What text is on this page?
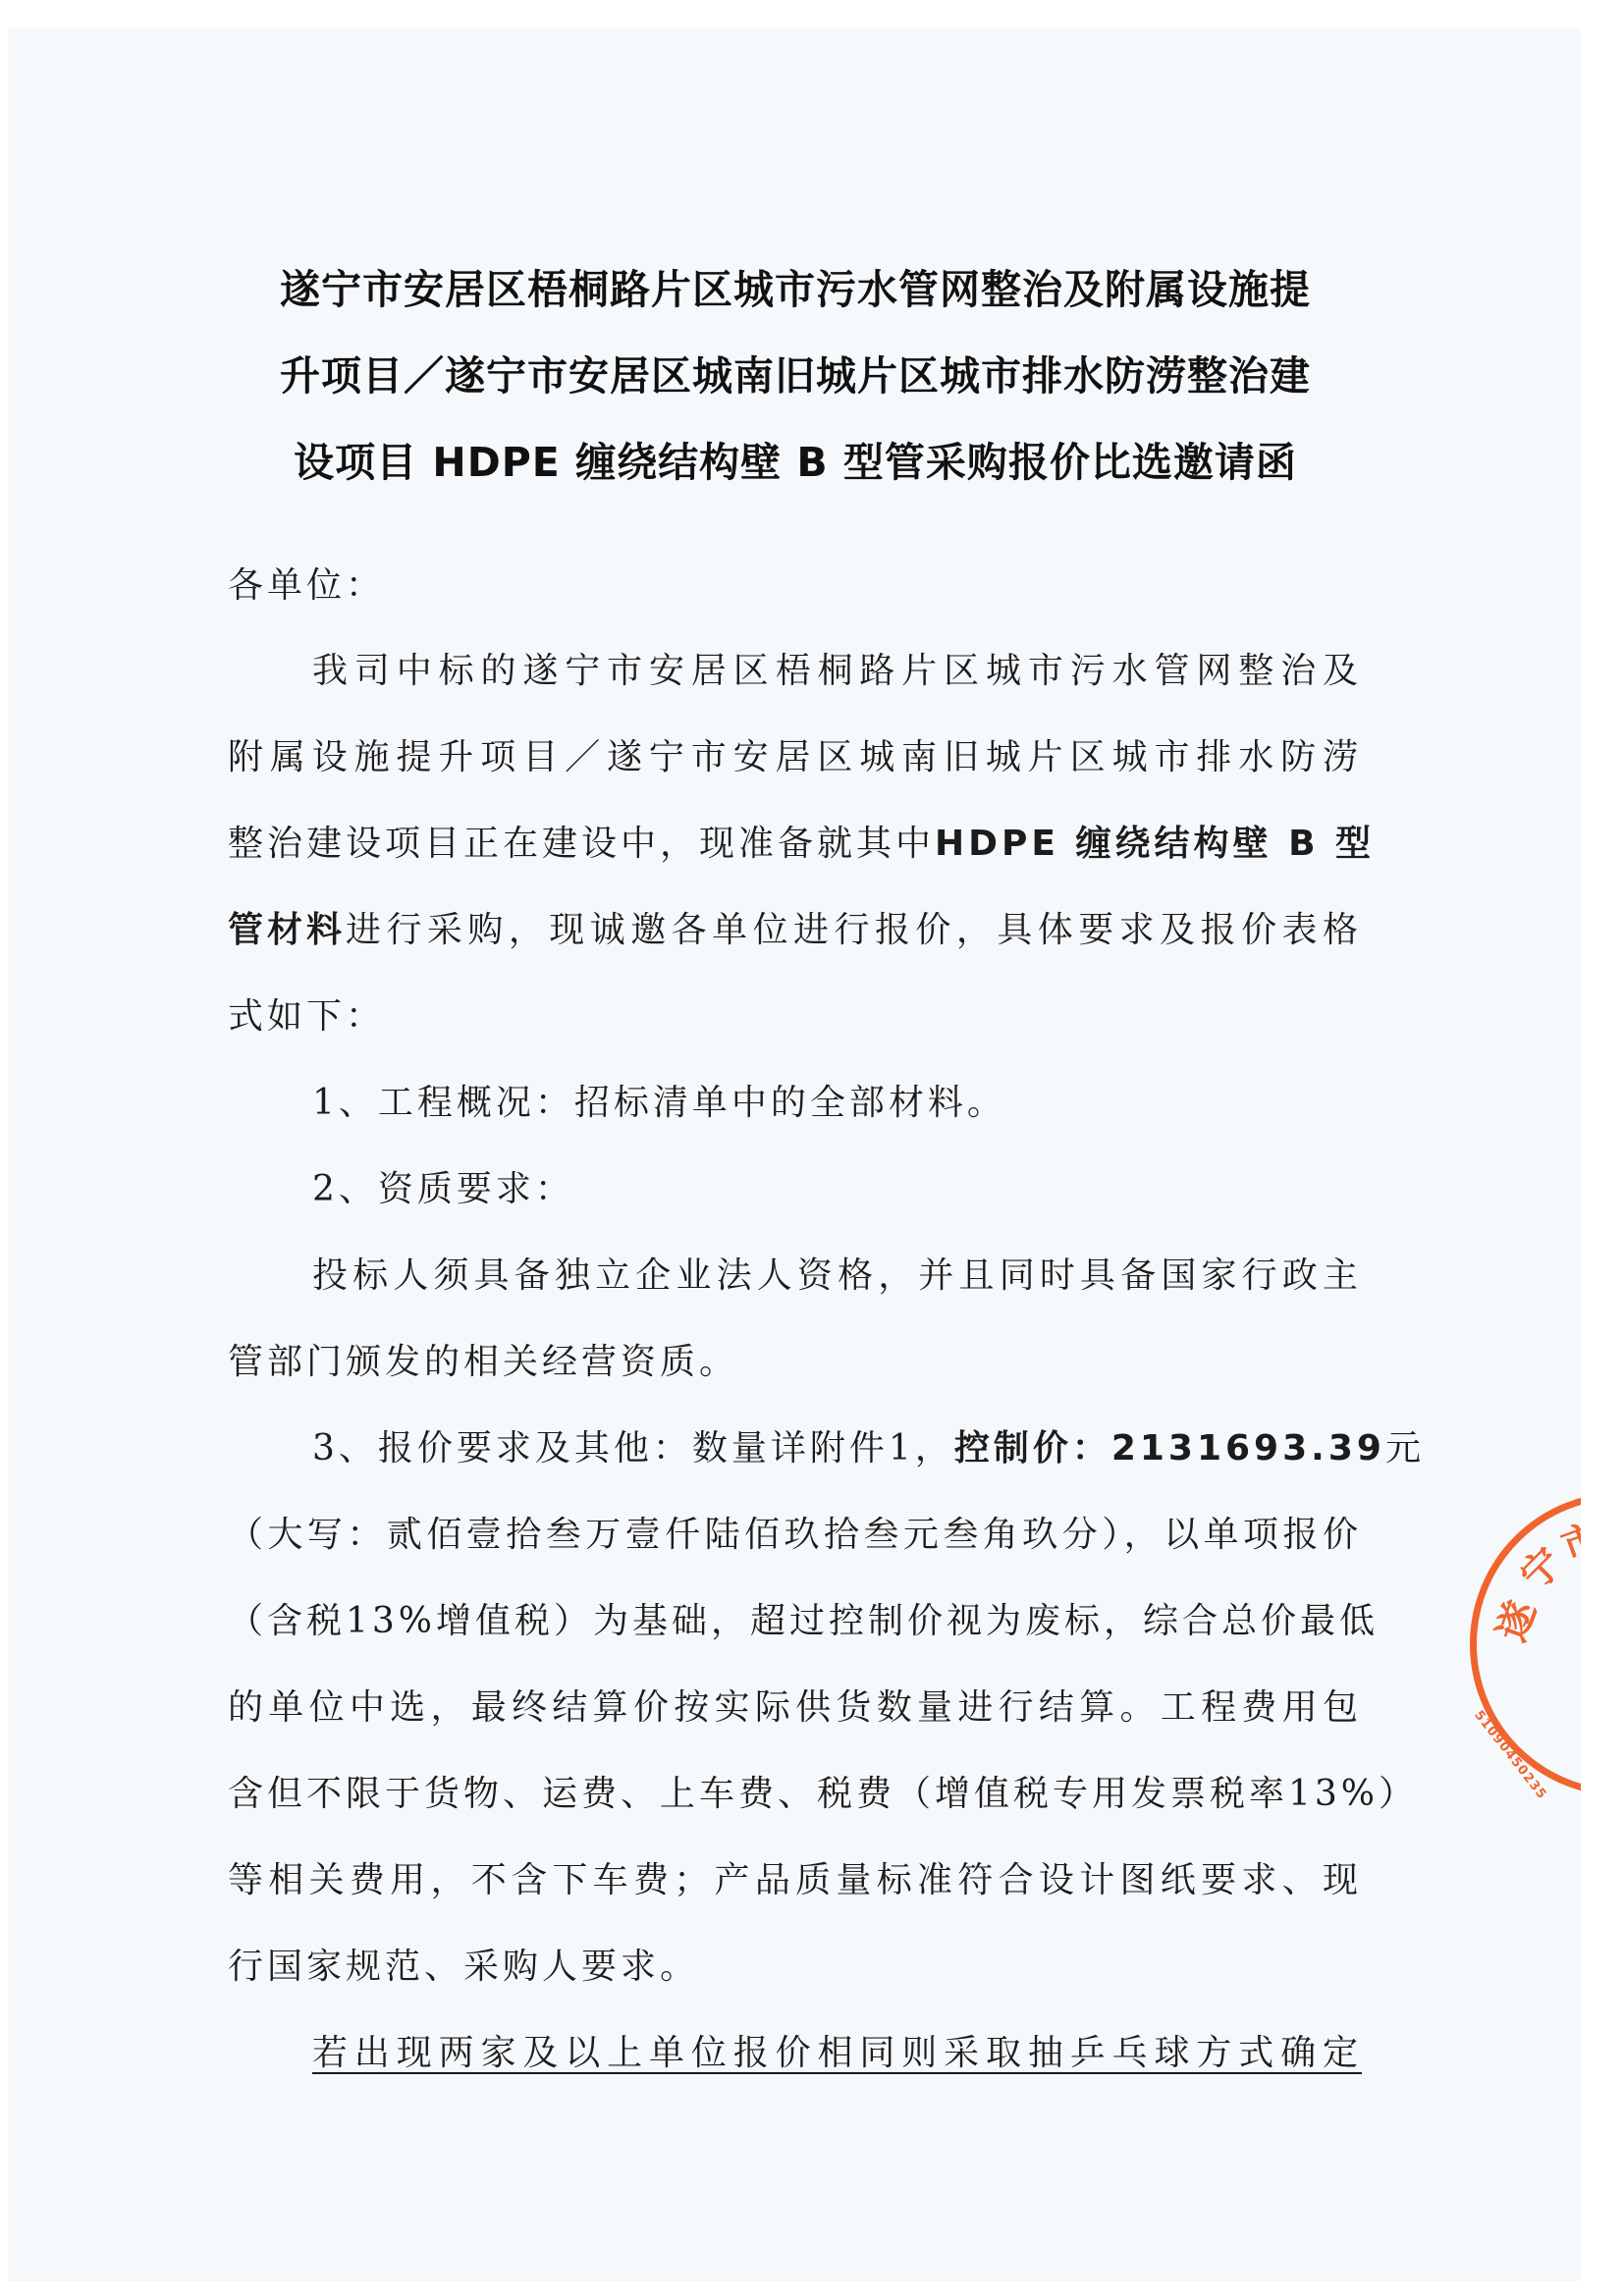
遂宁市安居区梧桐路片区城市污水管网整治及附属设施提
升项目／遂宁市安居区城南旧城片区城市排水防涝整治建
设项目 HDPE 缠绕结构壁 B 型管采购报价比选邀请函
各单位：
我司中标的遂宁市安居区梧桐路片区城市污水管网整治及
附属设施提升项目／遂宁市安居区城南旧城片区城市排水防涝
整治建设项目正在建设中，现准备就其中 HDPE 缠绕结构壁 B 型
管材料 进行采购，现诚邀各单位进行报价，具体要求及报价表格
式如下：
1、工程概况：招标清单中的全部材料。
2、资质要求：
投标人须具备独立企业法人资格，并且同时具备国家行政主
管部门颁发的相关经营资质。
3、报价要求及其他：数量详附件1， 控制价：2131693.39 元
（大写：贰佰壹拾叁万壹仟陆佰玖拾叁元叁角玖分），以单项报价
（含税13%增值税）为基础，超过控制价视为废标，综合总价最低
的单位中选，最终结算价按实际供货数量进行结算。工程费用包
含但不限于货物、运费、上车费、税费（增值税专用发票税率13%）
等相关费用，不含下车费；产品质量标准符合设计图纸要求、现
行国家规范、采购人要求。
若出现两家及以上单位报价相同则采取抽乒乓球方式确定
遂
宁
51090450235
